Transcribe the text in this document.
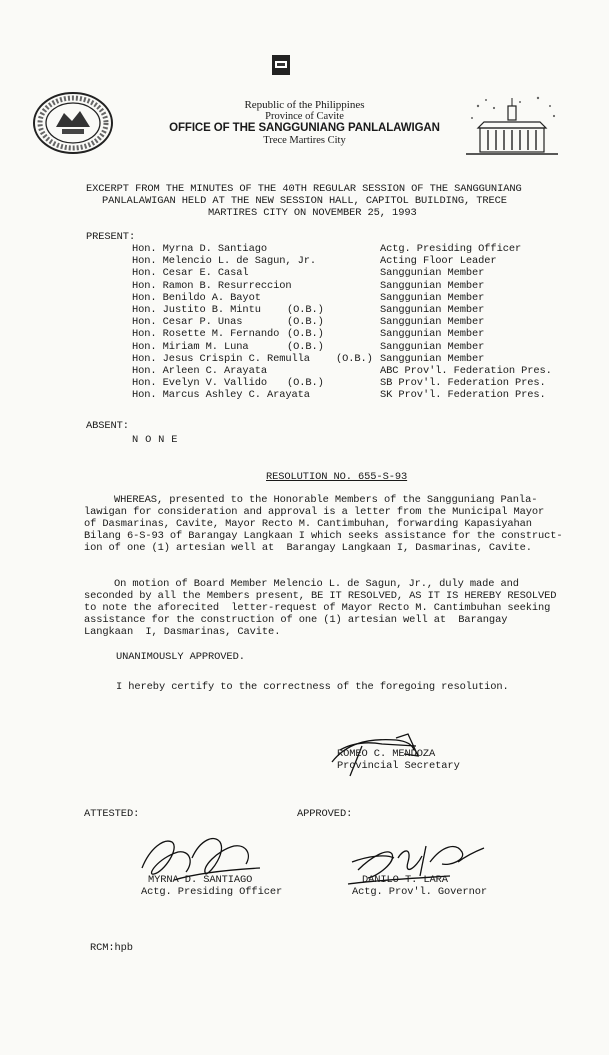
Republic of the Philippines
Province of Cavite
OFFICE OF THE SANGGUNIANG PANLALAWIGAN
Trece Martires City
EXCERPT FROM THE MINUTES OF THE 40TH REGULAR SESSION OF THE SANGGUNIANG
PANLALAWIGAN HELD AT THE NEW SESSION HALL, CAPITOL BUILDING, TRECE
MARTIRES CITY ON NOVEMBER 25, 1993
PRESENT:
Hon. Myrna D. Santiago	Actg. Presiding Officer
Hon. Melencio L. de Sagun, Jr.	Acting Floor Leader
Hon. Cesar E. Casal	Sanggunian Member
Hon. Ramon B. Resurreccion	Sanggunian Member
Hon. Benildo A. Bayot	Sanggunian Member
Hon. Justito B. Mintu	(O.B.)	Sanggunian Member
Hon. Cesar P. Unas	(O.B.)	Sanggunian Member
Hon. Rosette M. Fernando (O.B.)	Sanggunian Member
Hon. Miriam M. Luna	(O.B.)	Sanggunian Member
Hon. Jesus Crispin C. Remulla	(O.B.) Sanggunian Member
Hon. Arleen C. Arayata	ABC Prov'l. Federation Pres.
Hon. Evelyn V. Vallido (O.B.)	SB Prov'l. Federation Pres.
Hon. Marcus Ashley C. Arayata	SK Prov'l. Federation Pres.
ABSENT:
N O N E
RESOLUTION NO. 655-S-93
WHEREAS, presented to the Honorable Members of the Sangguniang Panla-
lawigan for consideration and approval is a letter from the Municipal Mayor
of Dasmarinas, Cavite, Mayor Recto M. Cantimbuhan, forwarding Kapasiyahan
Bilang 6-S-93 of Barangay Langkaan I which seeks assistance for the construct-
ion of one (1) artesian well at  Barangay Langkaan I, Dasmarinas, Cavite.
On motion of Board Member Melencio L. de Sagun, Jr., duly made and
seconded by all the Members present, BE IT RESOLVED, AS IT IS HEREBY RESOLVED
to note the aforecited  letter-request of Mayor Recto M. Cantimbuhan seeking
assistance for the construction of one (1) artesian well at  Barangay
Langkaan  I, Dasmarinas, Cavite.
UNANIMOUSLY APPROVED.
I hereby certify to the correctness of the foregoing resolution.
ROMEO C. MENDOZA
Provincial Secretary
ATTESTED:	APPROVED:
MYRNA D. SANTIAGO
Actg. Presiding Officer
DANILO T. LARA
Actg. Prov'l. Governor
RCM:hpb
